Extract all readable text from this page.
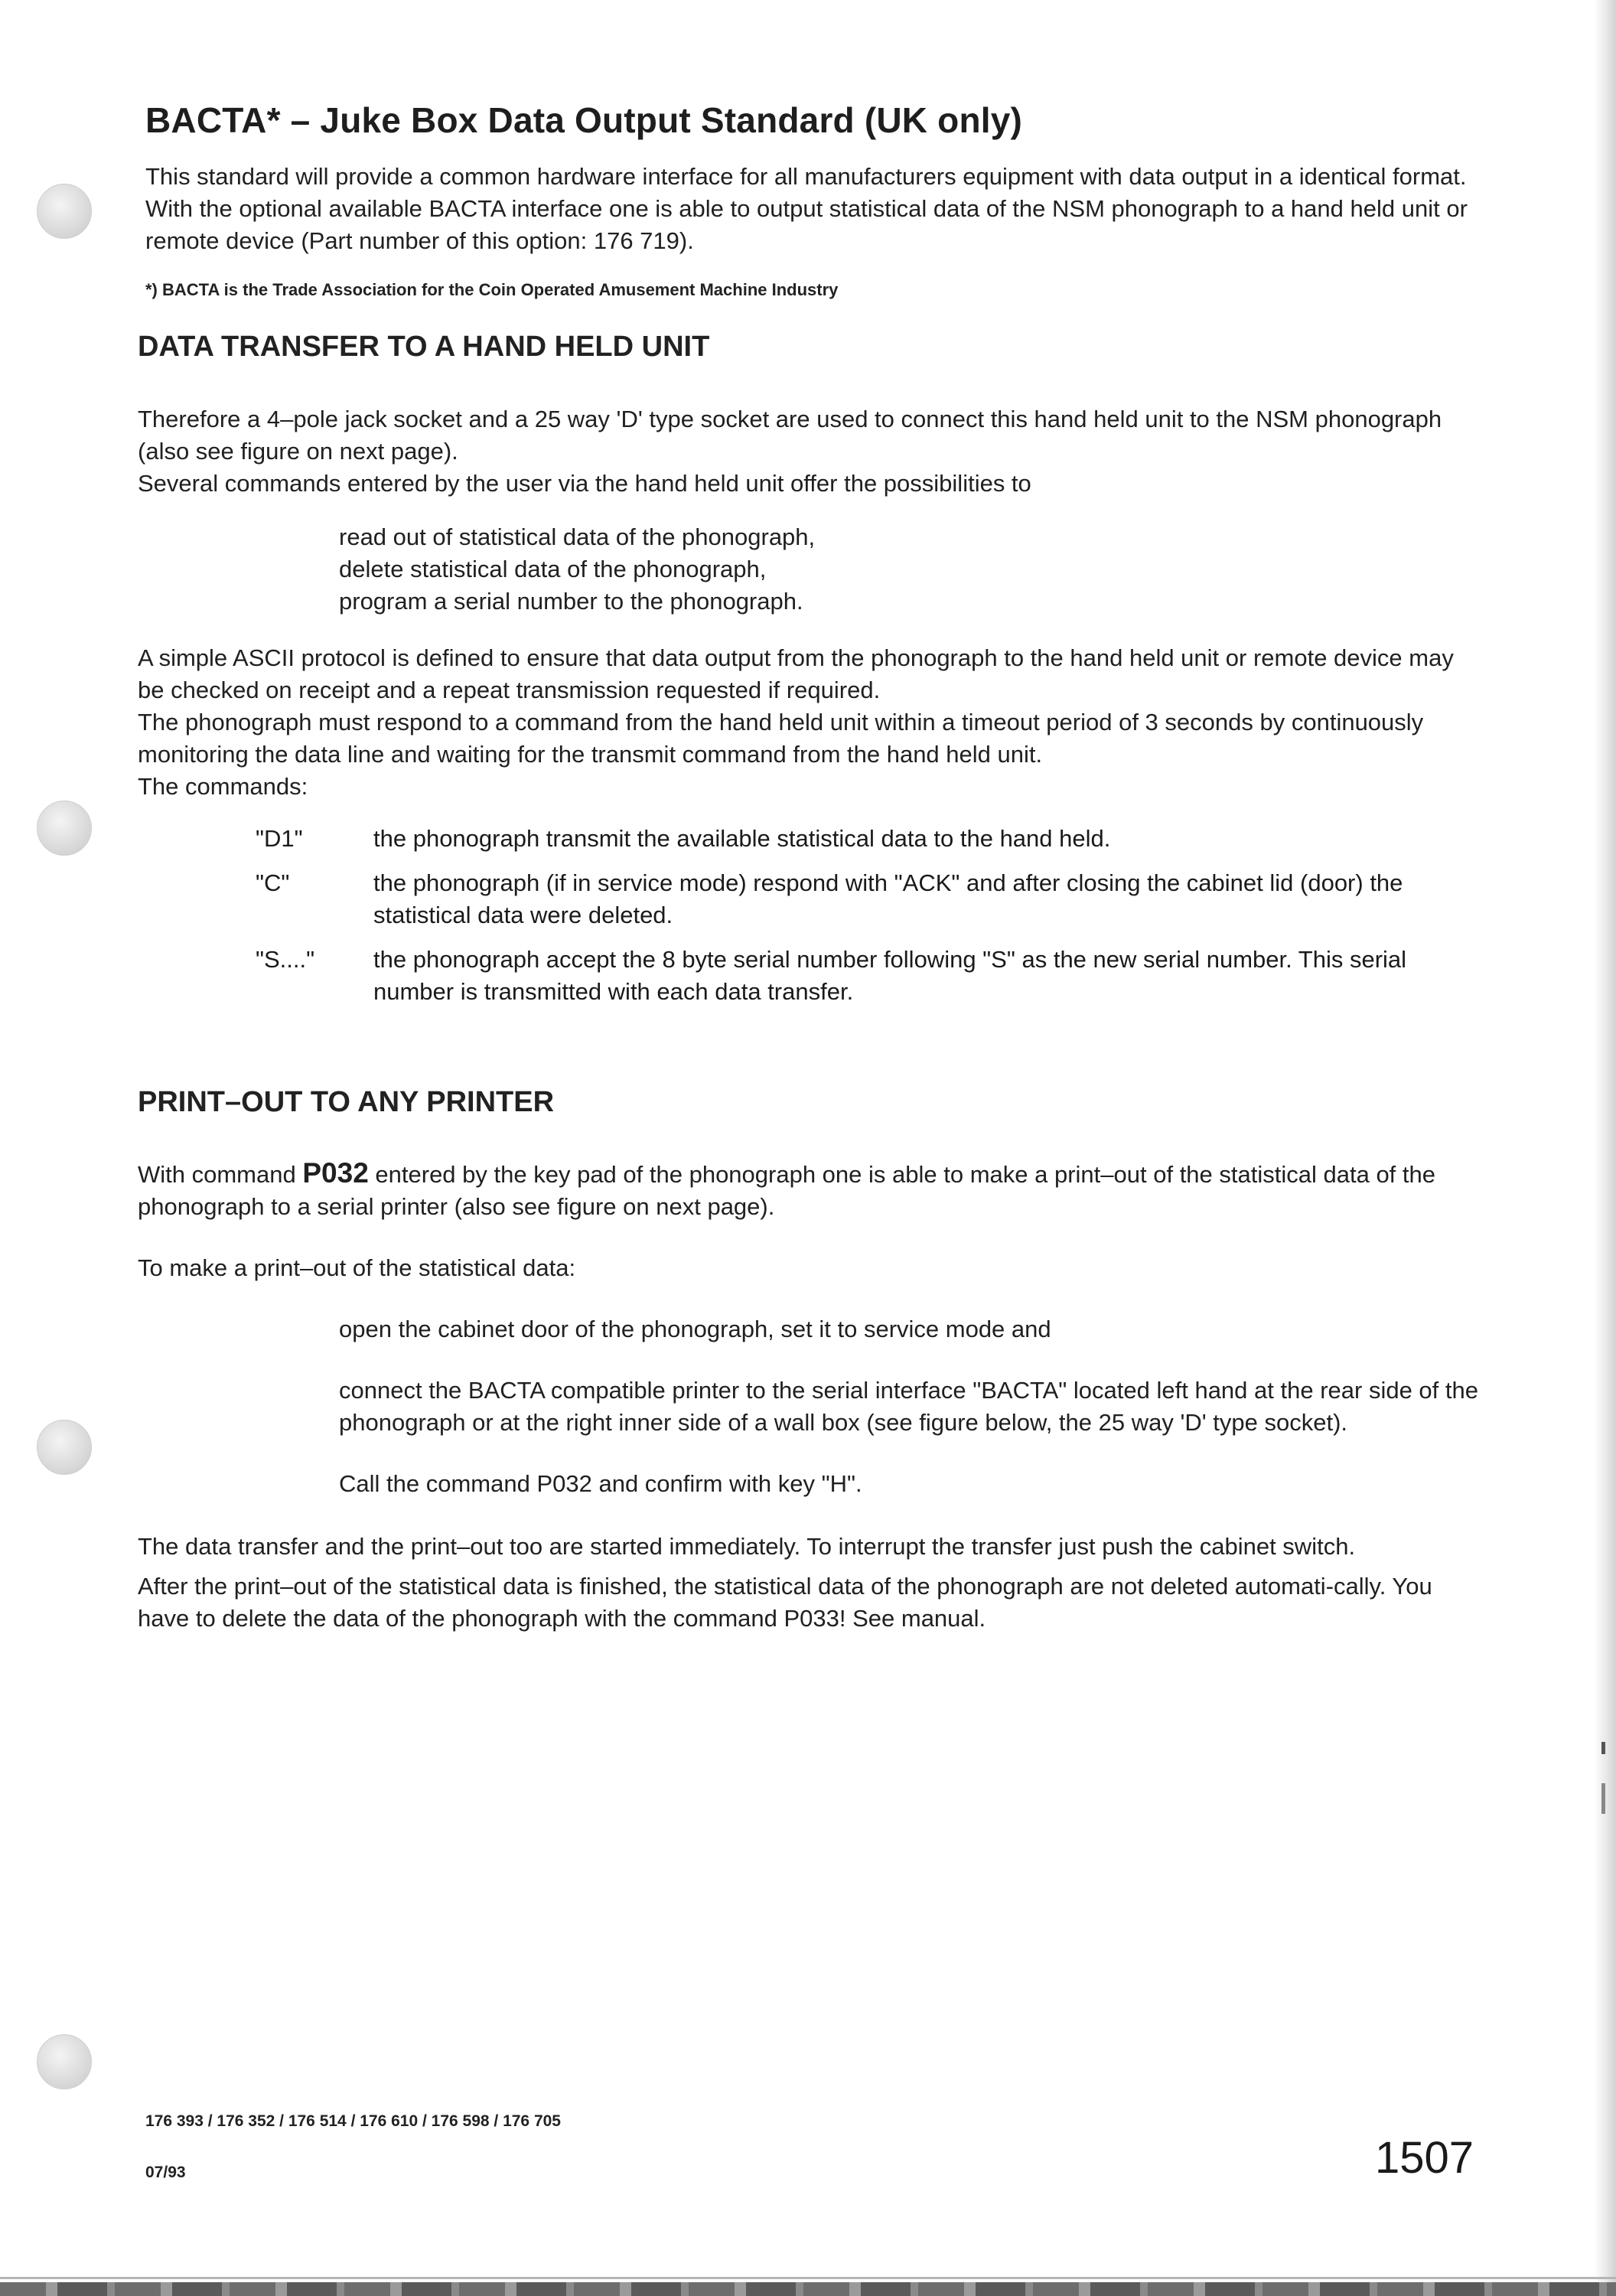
BACTA* – Juke Box Data Output Standard (UK only)

This standard will provide a common hardware interface for all manufacturers equipment with data output in a identical format.

With the optional available BACTA interface one is able to output statistical data of the NSM phonograph to a hand held unit or remote device (Part number of this option: 176 719).

*) BACTA is the Trade Association for the Coin Operated Amusement Machine Industry
DATA TRANSFER TO A HAND HELD UNIT

Therefore a 4–pole jack socket and a 25 way 'D' type socket are used to connect this hand held unit to the NSM phonograph (also see figure on next page).

Several commands entered by the user via the hand held unit offer the possibilities to

read out of statistical data of the phonograph,

delete statistical data of the phonograph,

program a serial number to the phonograph.

A simple ASCII protocol is defined to ensure that data output from the phonograph to the hand held unit or remote device may be checked on receipt and a repeat transmission requested if required.

The phonograph must respond to a command from the hand held unit within a timeout period of 3 seconds by continuously monitoring the data line and waiting for the transmit command from the hand held unit.

The commands:

"D1"	the phonograph transmit the available statistical data to the hand held.
"C"	the phonograph (if in service mode) respond with "ACK" and after closing the cabinet lid (door) the statistical data were deleted.
"S...."	the phonograph accept the 8 byte serial number following "S" as the new serial number. This serial number is transmitted with each data transfer.
PRINT–OUT TO ANY PRINTER

With command P032 entered by the key pad of the phonograph one is able to make a print–out of the statistical data of the phonograph to a serial printer (also see figure on next page).

To make a print–out of the statistical data:

open the cabinet door of the phonograph, set it to service mode and

connect the BACTA compatible printer to the serial interface "BACTA" located left hand at the rear side of the phonograph or at the right inner side of a wall box (see figure below, the 25 way 'D' type socket).

Call the command P032 and confirm with key "H".

The data transfer and the print–out too are started immediately. To interrupt the transfer just push the cabinet switch.

After the print–out of the statistical data is finished, the statistical data of the phonograph are not deleted automati-cally. You have to delete the data of the phonograph with the command P033! See manual.

176 393 / 176 352 / 176 514 / 176 610 / 176 598 / 176 705
07/93	1507
